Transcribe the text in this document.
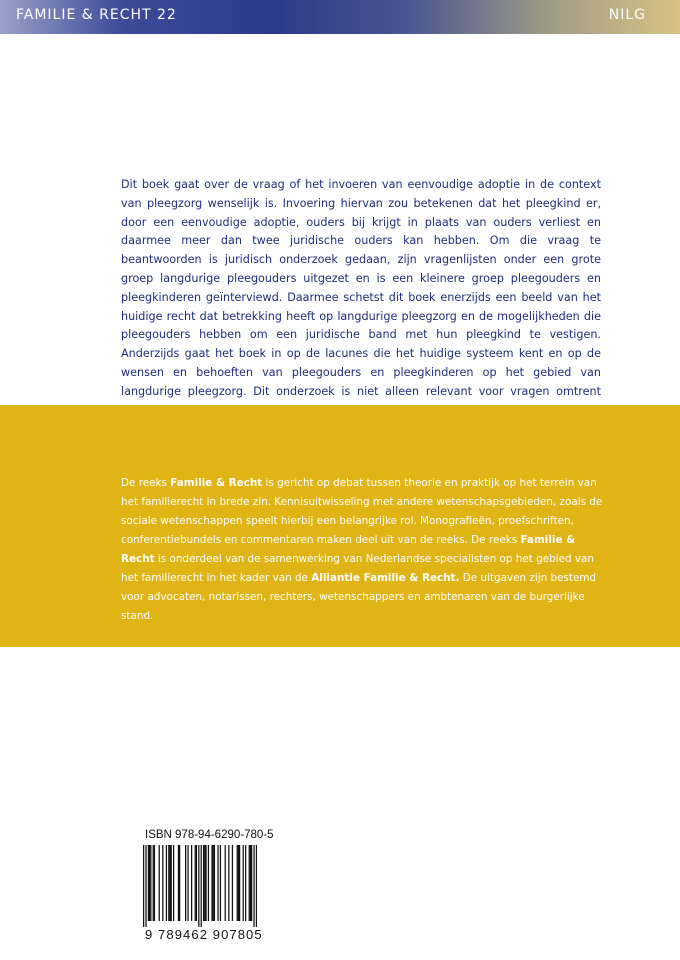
FAMILIE & RECHT 22	NILG
Dit boek gaat over de vraag of het invoeren van eenvoudige adoptie in de context van pleegzorg wenselijk is. Invoering hiervan zou betekenen dat het pleegkind er, door een eenvoudige adoptie, ouders bij krijgt in plaats van ouders verliest en daarmee meer dan twee juridische ouders kan hebben. Om die vraag te beantwoorden is juridisch onderzoek gedaan, zijn vragenlijsten onder een grote groep langdurige pleegouders uitgezet en is een kleinere groep pleegouders en pleegkinderen geïnterviewd. Daarmee schetst dit boek enerzijds een beeld van het huidige recht dat betrekking heeft op langdurige pleegzorg en de mogelijkheden die pleegouders hebben om een juridische band met hun pleegkind te vestigen. Anderzijds gaat het boek in op de lacunes die het huidige systeem kent en op de wensen en behoeften van pleegouders en pleegkinderen op het gebied van langdurige pleegzorg. Dit onderzoek is niet alleen relevant voor vragen omtrent
De reeks Familie & Recht is gericht op debat tussen theorie en praktijk op het terrein van het familierecht in brede zin. Kennisuitwisseling met andere wetenschapsgebieden, zoals de sociale wetenschappen speelt hierbij een belangrijke rol. Monografieën, proefschriften, conferentiebundels en commentaren maken deel uit van de reeks. De reeks Familie & Recht is onderdeel van de samenwerking van Nederlandse specialisten op het gebied van het familierecht in het kader van de Alliantie Familie & Recht. De uitgaven zijn bestemd voor advocaten, notarissen, rechters, wetenschappers en ambtenaren van de burgerlijke stand.
ISBN 978-94-6290-780-5
9 789462 907805
